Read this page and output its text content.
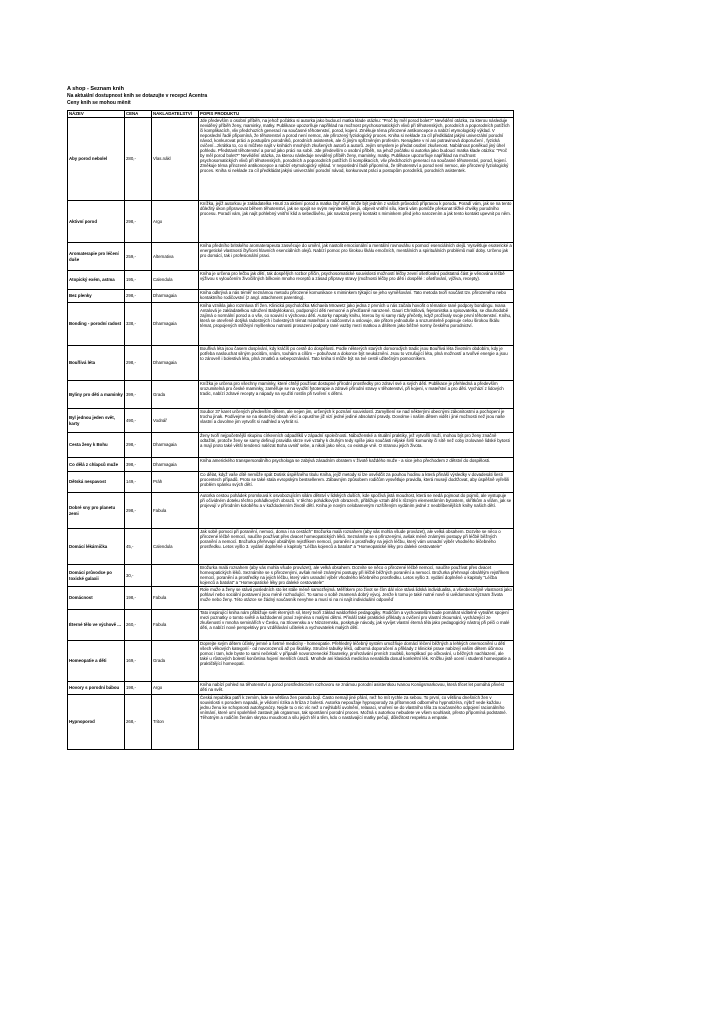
A shop - Seznam knih
Na aktuální dostupnost knih se dotazujte v recepci Acentra
Ceny knih se mohou měnit
NÁZEV	CENA	NAKLADATELSTVÍ	POPIS PRODUKTU
Aby porod nebolel	280,-	Vlas.nákl	Jde především o osobní příběh, na jehož počátku si autorka jako budoucí matka klade otázku: "Proč by měl porod bolet?" Nevědění otázka, za kterou následuje neviděný příběh ženy, maminky, matky. Publikace upozorňuje například na možnost psychosomatických vlivů při těhotenských, porodních a poporodních potížích či komplikacích, vliv předchozích generací na současné těhotenství, porod, kojení. Změkuje téma přirozené antikoncepce a nabízí etymologický výklad. V neposlední řadě připomíná, že těhotenství a porod není nemoc, ale přirozený fyziologický proces. Kniha si neklade za cíl předkládat jakýsi univerzální porodní návod, konkurovat práci a postupům porodníků, porodních asistentek, ale či jiným spřízněným profesím. Nenajdete v ní ani potravinová doporučení , fyzická cvičení...zkrátka to, co si můžete najít v knihách mnohých zkušených autorů a autorů. Jejím smyslem je předat osobní zkušenost. Nabídnout poněkud jiný úhel pohledu. Představit těhotenství a porod jako práci na sobě. Jde především o osobní příběh, na jehož počátku si autorka jako budoucí matka klade otázku: "Proč by měl porod bolet?" Nevědění otázka, za kterou následuje neviděný příběh ženy, maminky, matky. Publikace upozorňuje například na možnost psychosomatických vlivů při těhotenských, porodních a poporodních potížích či komplikacích, vliv předchozích generací na současné těhotenství, porod, kojení. Změkuje téma přirozené antikoncepce a nabízí etymologický výklad. V neposlední řadě připomíná, že těhotenství a porod není nemoc, ale přirozený fyziologický proces. Kniha si neklade za cíl předkládat jakýsi univerzální porodní návod, konkurovat práci a postupům porodníků, porodních asistentek.
Aktivní porod	298,-	Argo	Knížka, jejíž autorkou je zakladatelka Hnutí za aktivní porod a matka čtyř dětí, může být jedním z vašich průvodců přípravou k porodu. Poradí vám, jak se na tento důležitý úkon připravovat během těhotenství, jak se spojit se svým nejniternějším já, objevit vnitřní sílu, která vám pomůže překonat těžké chvilky porodního procesu. Poradí vám, jak najít pohlebný vnitřní klid a sebedůvěru, jak navázat pevný kontakt s miminkem před jeho narozením a jak tento kontakt upevnit po něm.
Aromaterapie pro léčení duše	259,-	Alternativa	Kniha předního britského aromaterapeuta zasvěcuje do umění, jak nastolit emocionální a mentální rovnováhu s pomocí esenciálních olejů. Vysvětluje esoterické a energetické vlastnosti čtyřiceti hlavních esenciálních olejů. Nabízí pomoc pro širokou škálu emočních, mentálních a spirituálních problémů malí doby. Určeno jak pro domácí, tak i profesionální praxi.
Atopický exém, astma	195,-	Calendula	Kniha je určena pro lečbu jak dětí, tak dospělých rozbor příčin, psychosomatické souvislosti možností léčby zevní ošetřování podstatná část je věnována léčbě výživou s vyloučením živočišných bílkovin mnoho receptů a zásad přípravy stravy (možnosti léčby pro děti i dospělé : ošetřování, výživa, recepty).
Bez plenky	298,-	Dharmagaia	Kniha odkrývá a nás téměř neznámou metodu přirozené komunikace s miminkem týkající se jeho vyměšování. Tato metoda tvoří součást tzv. přirozeného nebo kontaktního rodičovství (z angl. attachment parenting).
Bonding - porodní radost	338,-	Dharmagaia	Kniha vznikla jako rozmluva tří žen. Klinická psycholožka Michaela Mrowetz jako jedna z prvních u nás začala hovořit o tématice rané podpory bondingu. Ivana Antalová je zakladatelkou sdružení Babyklokanci, podporující děti nemocné a předčasně narozené. Gauri Christilová, fejetonistka a spisovatelka, se dlouhodobě zajímá o normální porod a o vše, co souvisí s výchovou dětí. Autorky napsaly knihu, kterou by si samy rády přečetly, když prožívaly svoje první těhotenství. Knihu, která se otevřeně dotýká radostných i bolestných témat mateřství a rodičovství a oslovuje, ale přitom jednoduše a srozumitelně popisuje celou širokou škálu témat, propojených stěžejní myšlenkou nutnosti prosazení podpory rané vazby mezi matkou a dítětem jako běžné normy českého porodnictví.
Bouřlivá léta	298,-	Dharmagaia	Bouřlivá léta jsou časem dospívání, kdy kráčíš po cestě do dospělosti. Podle některých starých domorodých tradic jsou Bouřlivá léta životním obdobím, kdy je potřeba naslouchat silným pocitům, snům, touhám a cílům – pobuřovat a dokonce být neukázněni. Jsou to vzrušující léta, plná možností a tvořivé energie a jsou to zároveň i bolestivá léta, plná zmatků a sebepoznávání. Tato kniha ti může být na tvé cestě užitečným pomocníkem.
Byliny pro děti a maminky	399,-	Grada	Knížka je určena pro všechny maminky, které chtějí používat dostupné přírodní prostředky pro zdraví své a svých dětí. Publikace je přehledná a především srozumitelná pro české maminky, zaměřuje se na využití fytoterapie a zdravé přírodní stravy v těhotenství, při kojení, v mateřství a pro děti. Vychází z lidových tradic, nabízí zdravé recepty a nápady na využití rostlin při tvoření s dětmi.
Byl jednou jeden svět, karty	490,-	Vodnář	Soubor 37 karet určených především dětem, ale nejen jim, určených k poznání souvislostí. Zamyšlení se nad některými obecnými zákonitostmi a pochopení je trochu jinak. Podívejme se na skutečný obsah věcí a opusťme již vizí jedné jediné absolutní pravdy. Dovolme i našim dětem vidět i jiné možnosti než jsou naše vlastní a dovolme jim vytvořit si nadhled a vyhrát si.
Cesta ženy k Bohu	298,-	Dharmagaia	Ženy tvoří nejpočetnější skupinu církevních odpadlíků v západní společnosti. Náboženské a rituální praktiky, jež vytvořili muži, mohou být pro ženy značně odtažité, protože ženy se samy definují pravidla skrze své vztahy k druhým tedy spíše jako součásti nějaké širší komunity či sítě než coby izolované lidské bytosti a mají proto také větší tendenci nalézat Boha uvnitř sebe, a nikoli jako něco, co existuje vně. O stranou jejich života.
Co dělá z chlapců muže	398,-	Dharmagaia	Kniha amerického transpersonálního psychologa se zabývá zásadním obratem v životě každého muže - a sice jeho přechodem z dětství do dospělosti.
Dětská nespavost	149,-	Práh	Co dělat, když vaše dítě nemůže spát Dotisk úspěšného titulu Kniha, jejíž metody si lze osvědčit za pouhou hodinu a která přináší výsledky v dovadesáti šesti procentech případů. Proto se také stala evropským bestsellerem. Zábavným způsobem rodičům vysvětluje pravidla, která musejí dodržovat, aby úspěšně vyřešili problém spánku svých dětí.
Dobré sny pro planetu zemi	298,-	Fabula	Autorka cestou pohádek promlouvá k osvobozujícím silám dětství v lidských duších, kde spočívá jistá moudrost, která se nedá pojmout do pojmů, ale vystupuje při očividném doteku těchto pohádkových obrazů. V těchto pohádkových obrazech, přibližuje vztah dětí k různým elementárním bytostem, skřítkům a vílám, jak se projevují v přírodním koloběhu a v každodenním životě dětí. Kniha je novým celobarevným rozšířeným vydáním jedné z neoblíbenějších knihy našich dětí.
Domácí lékárnička	45,-	Calendula	Jak sobě pomoci při poranění, nemoci, doma i na cestách" Brožurka malá rozsahem (aby vás mohla všude provázet), ale velká obsahem. Dozvíte se něco o přirozené léčbě nemocí, naučíte používat přes dvacet homeopatických léků. Seznámíte se s přirozenými, avšak méně známými postupy při léčbě běžných poranění a nemocí. Brožurka přehrvapí obsáhlým rejstříkem nemocí, poranění a prostředky na jejich léčbu, který vám usnadní výběr vhodného léčebného prostředku. Letos vyšlo 3. vydání doplněné o kapitoly "Léčba kojenců a batolat" a "Homeopatické léky pro daleké cestovatele"
Domácí průvodce po toxické galaxii	30,-		Brožurka malá rozsahem (aby vás mohla všude provázet), ale velká obsahem. Dozvíte se něco o přirozené léčbě nemocí, naučíte používat přes dvacet homeopatických léků. Seznámíte se s přirozenými, avšak méně známými postupy při léčbě běžných poranění a nemocí. Brožurka přehrvapí obsáhlým rejstříkem nemocí, poranění a prostředky na jejich léčbu, který vám usnadní výběr vhodného léčebného prostředku. Letos vyšlo 3. vydání doplněné o kapitoly "Léčba kojenců a batolat" a "Homeopatické léky pro daleké cestovatele"
Domácnost	198,-	Fabula	Role muže a ženy se stává posledních sto let stále méně samozřejmá. Měřítkem pro život se čím dál více stává lidská individualita, a všeobecnějně vlastnosti jako pohlaví nebo sociální postavení jsou méně rozhodující. To samo o sobě znamená dobrý vývoj. Jenže k tomu je také nutné nově si uvědomovat význam života muže nebo ženy. Této otázce se žádný současník nevyhne a musí si na ni najít individuální odpověď
Éterné tělo ve výchově ...	260,-	Fabula	Tato inspirující kniha nám přibližuje svět éterných sil, který tvoří základ waldorfské pedagogiky. Rodičům a vychovatelům bude pomáhat viditelně vytvářet spojení mezi poznatky o tomto světě a každodenní praxí zejména s malými dětmi. Přináší také praktické příklady a cvičení pro vlastní zkoumání, vycházející ze zkušeností v mnoha seminářích v Česku, na Slovensku a v Nizozemsku, poskytuje návody, jak vyvíjet vlastní éterná těla jako pedagogický nástroj při péči o malé děti, a nabízí nové perspektivy pro vzdělávání učitelek a vychovatelek malých dětí.
Homeopatie a děti	169,-	Grada	Doprejte svým dětem účinky jemné a šetrné medicíny - homeopatie. Přehledný léčebný systém umožňuje domácí léčení běžných a lehkých onemocnění u dětí všech věkových kategorií - od novorozenců až po školáky. Stručné tabulky léků, odborná doporučení a příklady z klinické praxe nabízejí vašim dětem účinnou pomoc i tam, kde byste to sami nečekali: v případě novorozenecké žloutenky, prořezávání prvních zoubků, komplikací po očkování, u běžných nachlazení, ale také u růstových bolestí končetina hojení menších úrazů. Mnohde ani klasická medicína nenabídla dosud konkrétní lék. Knížku jistě ocení i studenti homeopatie a praktičtějící homeopati.
Hovory s porodní bábou	198,-	Argo	Kniha nabízí pohled na těhotenství a porod prostřednictvím rozhovoru se známou porodní asistentkou Ivanou Koniigsmarkovou, která třicet let pomáhá přivést děti na svět.
Hypnoporod	268,-	Triton	Česká republika patří k zemím, kde se většina žen porodu bojí. Často nemají jiné přání, než ho mít rychle za sebou. To první, co většinu dnešních žen v souvislosti s porodem napadá, je vědomí rizika a hrůza z bolesti. Autorka nepoužaje hypnoporody za přítomnosti odborného hypnotizéra, nýbrž vede každou jednu ženu ke schopnosti autohypnózy. Nejde tu o nic víc než o nejhlubší uvolnění, relaxaci, vnoření se do vlastního těla za současného odpojení racionálního vnímání, které umí spolehlivě zastavit jak orgasmus, tak spontánní porodní proces. Možná s autorkou nebudete ve všem souhlasit, přesto přípomíná podstatné. Těhotným a rodičím ženám skrytou moudrost a sílu jejich těl a těm, kdo o nastávající matky pečují, důležitost respektu a empatie.
